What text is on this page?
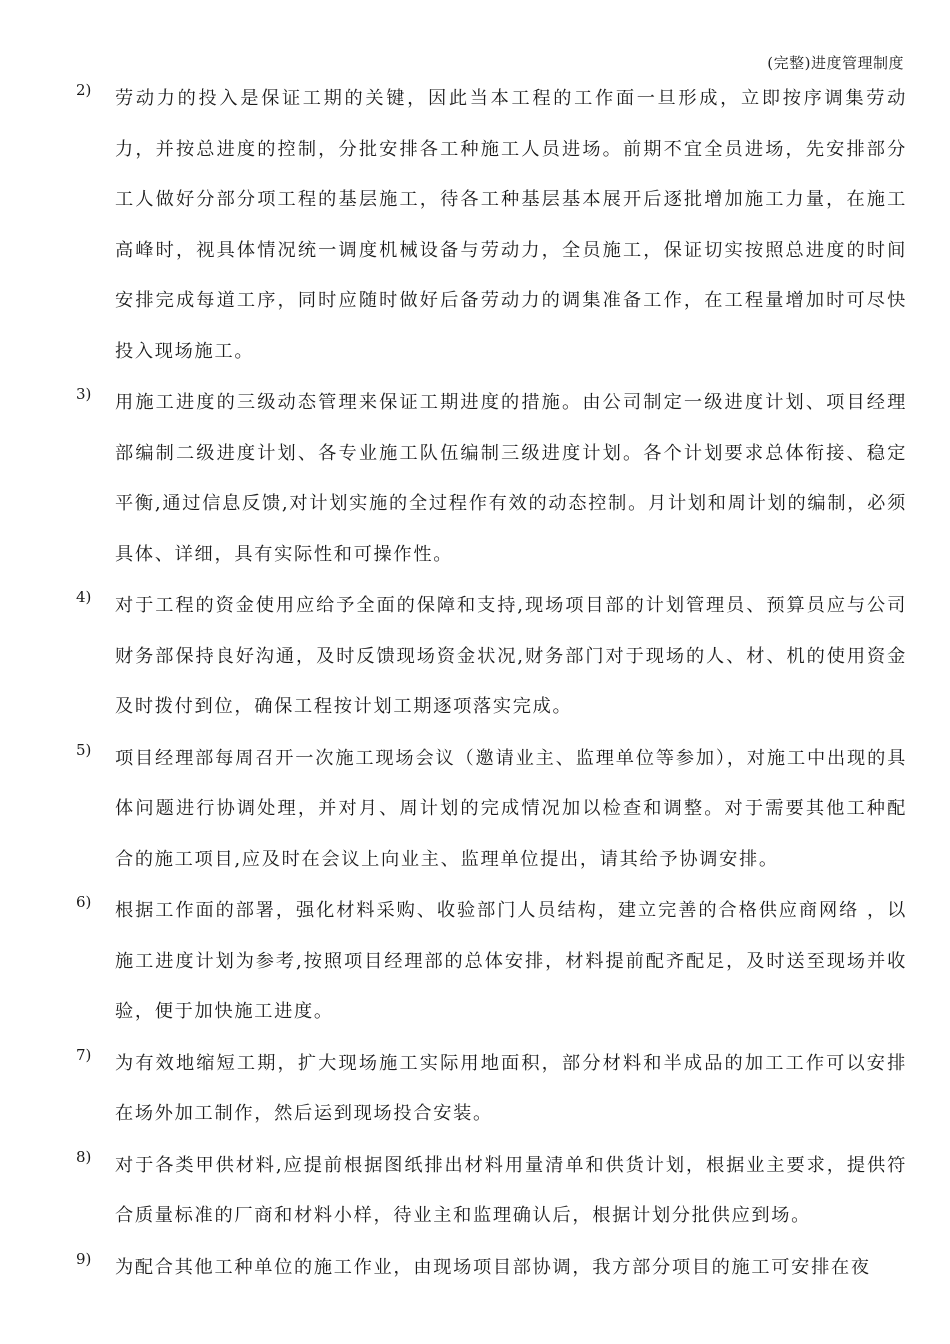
(完整)进度管理制度
2) 劳动力的投入是保证工期的关键，因此当本工程的工作面一旦形成，立即按序调集劳动力，并按总进度的控制，分批安排各工种施工人员进场。前期不宜全员进场，先安排部分工人做好分部分项工程的基层施工，待各工种基层基本展开后逐批增加施工力量，在施工高峰时，视具体情况统一调度机械设备与劳动力，全员施工，保证切实按照总进度的时间安排完成每道工序，同时应随时做好后备劳动力的调集准备工作，在工程量增加时可尽快投入现场施工。
3) 用施工进度的三级动态管理来保证工期进度的措施。由公司制定一级进度计划、项目经理部编制二级进度计划、各专业施工队伍编制三级进度计划。各个计划要求总体衔接、稳定平衡,通过信息反馈,对计划实施的全过程作有效的动态控制。月计划和周计划的编制，必须具体、详细，具有实际性和可操作性。
4) 对于工程的资金使用应给予全面的保障和支持,现场项目部的计划管理员、预算员应与公司财务部保持良好沟通，及时反馈现场资金状况,财务部门对于现场的人、材、机的使用资金及时拨付到位，确保工程按计划工期逐项落实完成。
5) 项目经理部每周召开一次施工现场会议（邀请业主、监理单位等参加），对施工中出现的具体问题进行协调处理，并对月、周计划的完成情况加以检查和调整。对于需要其他工种配合的施工项目,应及时在会议上向业主、监理单位提出，请其给予协调安排。
6) 根据工作面的部署，强化材料采购、收验部门人员结构，建立完善的合格供应商网络 ，以施工进度计划为参考,按照项目经理部的总体安排，材料提前配齐配足，及时送至现场并收验，便于加快施工进度。
7) 为有效地缩短工期，扩大现场施工实际用地面积，部分材料和半成品的加工工作可以安排在场外加工制作，然后运到现场投合安装。
8) 对于各类甲供材料,应提前根据图纸排出材料用量清单和供货计划，根据业主要求，提供符合质量标准的厂商和材料小样，待业主和监理确认后，根据计划分批供应到场。
9) 为配合其他工种单位的施工作业，由现场项目部协调，我方部分项目的施工可安排在夜
